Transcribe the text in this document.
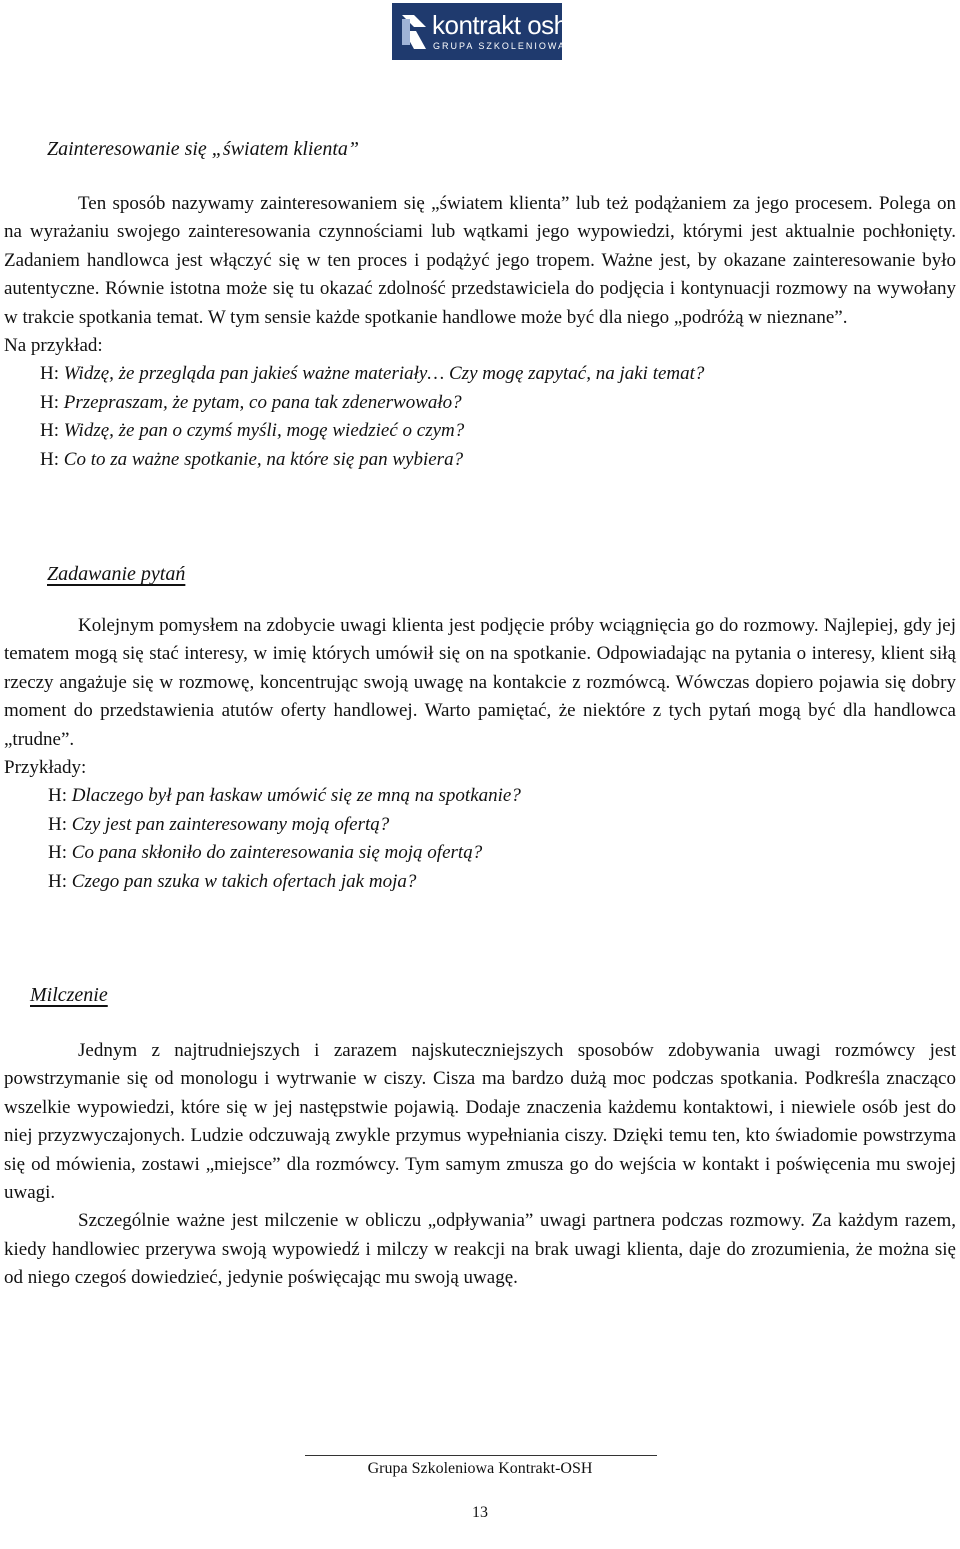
kontrakt osh
GRUPA SZKOLENIOWA
Zainteresowanie się „światem klienta”

Ten sposób nazywamy zainteresowaniem się „światem klienta” lub też podążaniem za jego procesem. Polega on na wyrażaniu swojego zainteresowania czynnościami lub wątkami jego wypowiedzi, którymi jest aktualnie pochłonięty. Zadaniem handlowca jest włączyć się w ten proces i podążyć jego tropem. Ważne jest, by okazane zainteresowanie było autentyczne. Równie istotna może się tu okazać zdolność przedstawiciela do podjęcia i kontynuacji rozmowy na wywołany w trakcie spotkania temat. W tym sensie każde spotkanie handlowe może być dla niego „podróżą w nieznane”.

Na przykład:

H: Widzę, że przegląda pan jakieś ważne materiały… Czy mogę zapytać, na jaki temat?
H: Przepraszam, że pytam, co pana tak zdenerwowało?
H: Widzę, że pan o czymś myśli, mogę wiedzieć o czym?
H: Co to za ważne spotkanie, na które się pan wybiera?
Zadawanie pytań

Kolejnym pomysłem na zdobycie uwagi klienta jest podjęcie próby wciągnięcia go do rozmowy. Najlepiej, gdy jej tematem mogą się stać interesy, w imię których umówił się on na spotkanie. Odpowiadając na pytania o interesy, klient siłą rzeczy angażuje się w rozmowę, koncentrując swoją uwagę na kontakcie z rozmówcą. Wówczas dopiero pojawia się dobry moment do przedstawienia atutów oferty handlowej. Warto pamiętać, że niektóre z tych pytań mogą być dla handlowca „trudne”.

Przykłady:

H: Dlaczego był pan łaskaw umówić się ze mną na spotkanie?
H: Czy jest pan zainteresowany moją ofertą?
H: Co pana skłoniło do zainteresowania się moją ofertą?
H: Czego pan szuka w takich ofertach jak moja?
Milczenie

Jednym z najtrudniejszych i zarazem najskuteczniejszych sposobów zdobywania uwagi rozmówcy jest powstrzymanie się od monologu i wytrwanie w ciszy. Cisza ma bardzo dużą moc podczas spotkania. Podkreśla znacząco wszelkie wypowiedzi, które się w jej następstwie pojawią. Dodaje znaczenia każdemu kontaktowi, i niewiele osób jest do niej przyzwyczajonych. Ludzie odczuwają zwykle przymus wypełniania ciszy. Dzięki temu ten, kto świadomie powstrzyma się od mówienia, zostawi „miejsce” dla rozmówcy. Tym samym zmusza go do wejścia w kontakt i poświęcenia mu swojej uwagi.

Szczególnie ważne jest milczenie w obliczu „odpływania” uwagi partnera podczas rozmowy. Za każdym razem, kiedy handlowiec przerywa swoją wypowiedź i milczy w reakcji na brak uwagi klienta, daje do zrozumienia, że można się od niego czegoś dowiedzieć, jedynie poświęcając mu swoją uwagę.

Grupa Szkoleniowa Kontrakt-OSH
13
